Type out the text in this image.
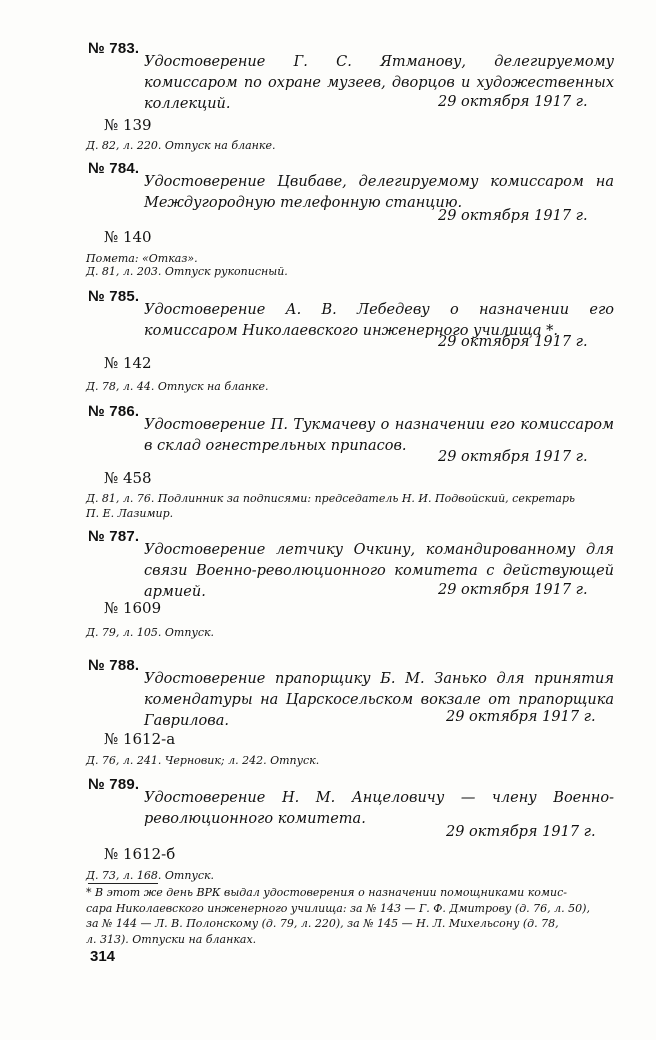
№ 783.
Удостоверение Г. С. Ятманову, делегируемому комиссаром по охране музеев, дворцов и художественных коллекций.	29 октября 1917 г.
№ 139
Д. 82, л. 220. Отпуск на бланке.
№ 784.
Удостоверение Цвибаве, делегируемому комиссаром на Междугородную телефонную станцию.
29 октября 1917 г.
№ 140
Помета: «Отказ».
Д. 81, л. 203. Отпуск рукописный.
№ 785.
Удостоверение А. В. Лебедеву о назначении его комиссаром Николаевского инженерного училища *.
29 октября 1917 г.
№ 142
Д. 78, л. 44. Отпуск на бланке.
№ 786.
Удостоверение П. Тукмачеву о назначении его комиссаром в склад огнестрельных припасов.
29 октября 1917 г.
№ 458
Д. 81, л. 76. Подлинник за подписями: председатель Н. И. Подвойский, секретарь
П. Е. Лазимир.
№ 787.
Удостоверение летчику Очкину, командированному для связи Военно-революционного комитета с действующей армией.	29 октября 1917 г.
№ 1609
Д. 79, л. 105. Отпуск.
№ 788.
Удостоверение прапорщику Б. М. Занько для принятия комендатуры на Царскосельском вокзале от прапорщика Гаврилова.	29 октября 1917 г.
№ 1612-а
Д. 76, л. 241. Черновик; л. 242. Отпуск.
№ 789.
Удостоверение Н. М. Анцеловичу — члену Военно-революционного комитета.
29 октября 1917 г.
№ 1612-б
Д. 73, л. 168. Отпуск.
* В этот же день ВРК выдал удостоверения о назначении помощниками комис-
сара Николаевского инженерного училища: за № 143 — Г. Ф. Дмитрову (д. 76, л. 50),
за № 144 — Л. В. Полонскому (д. 79, л. 220), за № 145 — Н. Л. Михельсону (д. 78,
л. 313). Отпуски на бланках.
314
